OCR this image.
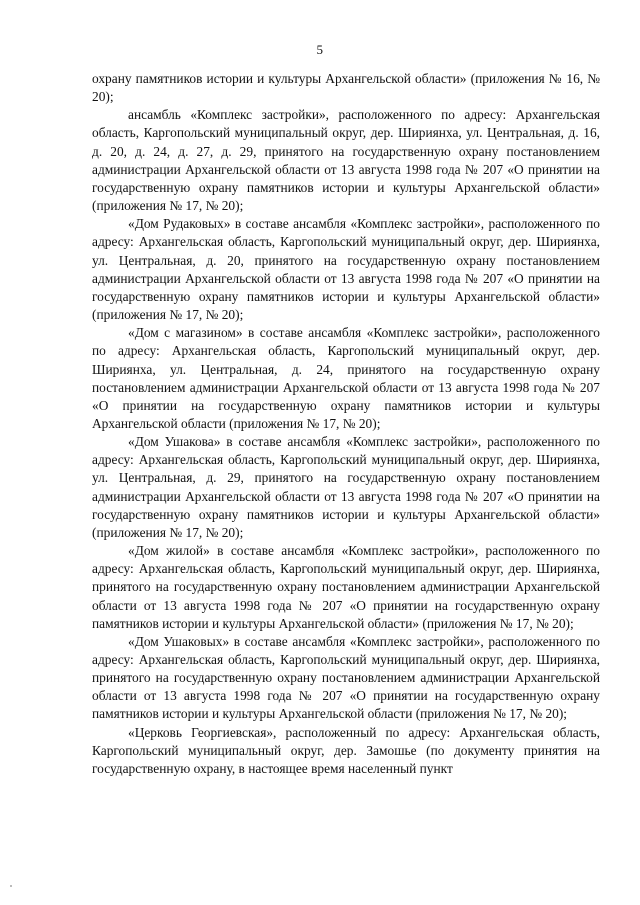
5

охрану памятников истории и культуры Архангельской области» (приложения № 16, № 20);

ансамбль «Комплекс застройки», расположенного по адресу: Архангельская область, Каргопольский муниципальный округ, дер. Шириянха, ул. Центральная, д. 16, д. 20, д. 24, д. 27, д. 29, принятого на государственную охрану постановлением администрации Архангельской области от 13 августа 1998 года № 207 «О принятии на государственную охрану памятников истории и культуры Архангельской области» (приложения № 17, № 20);

«Дом Рудаковых» в составе ансамбля «Комплекс застройки», расположенного по адресу: Архангельская область, Каргопольский муниципальный округ, дер. Шириянха, ул. Центральная, д. 20, принятого на государственную охрану постановлением администрации Архангельской области от 13 августа 1998 года № 207 «О принятии на государственную охрану памятников истории и культуры Архангельской области» (приложения № 17, № 20);

«Дом с магазином» в составе ансамбля «Комплекс застройки», расположенного по адресу: Архангельская область, Каргопольский муниципальный округ, дер. Шириянха, ул. Центральная, д. 24, принятого на государственную охрану постановлением администрации Архангельской области от 13 августа 1998 года № 207 «О принятии на государственную охрану памятников истории и культуры Архангельской области (приложения № 17, № 20);

«Дом Ушакова» в составе ансамбля «Комплекс застройки», расположенного по адресу: Архангельская область, Каргопольский муниципальный округ, дер. Шириянха, ул. Центральная, д. 29, принятого на государственную охрану постановлением администрации Архангельской области от 13 августа 1998 года № 207 «О принятии на государственную охрану памятников истории и культуры Архангельской области» (приложения № 17, № 20);

«Дом жилой» в составе ансамбля «Комплекс застройки», расположенного по адресу: Архангельская область, Каргопольский муниципальный округ, дер. Шириянха, принятого на государственную охрану постановлением администрации Архангельской области от 13 августа 1998 года № 207 «О принятии на государственную охрану памятников истории и культуры Архангельской области» (приложения № 17, № 20);

«Дом Ушаковых» в составе ансамбля «Комплекс застройки», расположенного по адресу: Архангельская область, Каргопольский муниципальный округ, дер. Шириянха, принятого на государственную охрану постановлением администрации Архангельской области от 13 августа 1998 года № 207 «О принятии на государственную охрану памятников истории и культуры Архангельской области (приложения № 17, № 20);

«Церковь Георгиевская», расположенный по адресу: Архангельская область, Каргопольский муниципальный округ, дер. Замошье (по документу принятия на государственную охрану, в настоящее время населенный пункт
